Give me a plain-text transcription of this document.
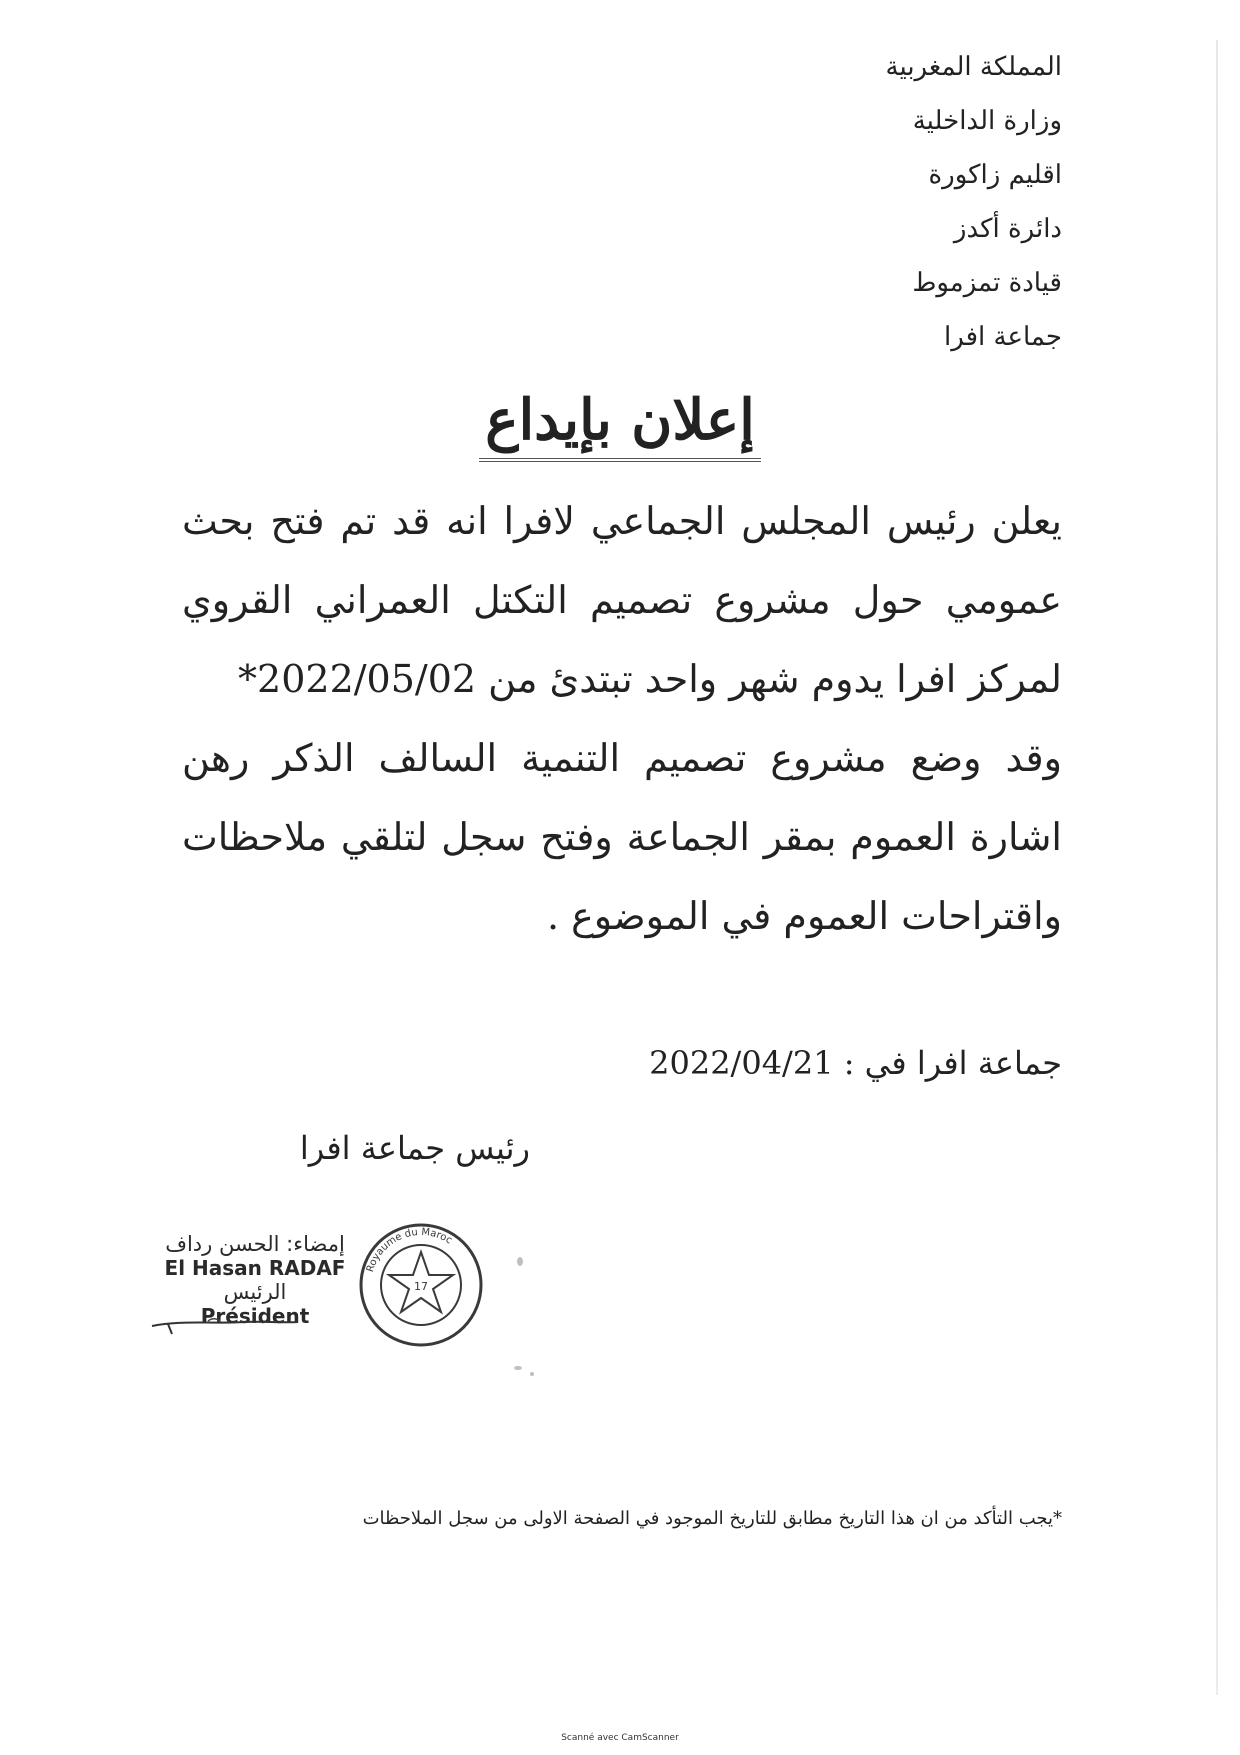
المملكة المغربية
وزارة الداخلية
اقليم زاكورة
دائرة أكدز
قيادة تمزموط
جماعة افرا
إعلان بإيداع

يعلن رئيس المجلس الجماعي لافرا انه قد تم فتح بحث عمومي حول مشروع تصميم التكتل العمراني القروي لمركز افرا يدوم شهر واحد تبتدئ من 2022/05/02*

وقد وضع مشروع تصميم التنمية السالف الذكر رهن اشارة العموم بمقر الجماعة وفتح سجل لتلقي ملاحظات واقتراحات العموم في الموضوع .

جماعة افرا في : 2022/04/21
رئيس جماعة افرا
إمضاء: الحسن رداف
El Hasan RADAF
الرئيس
Président
Royaume du Maroc
17
*يجب التأكد من ان هذا التاريخ مطابق للتاريخ الموجود في الصفحة الاولى من سجل الملاحظات
Scanné avec CamScanner
